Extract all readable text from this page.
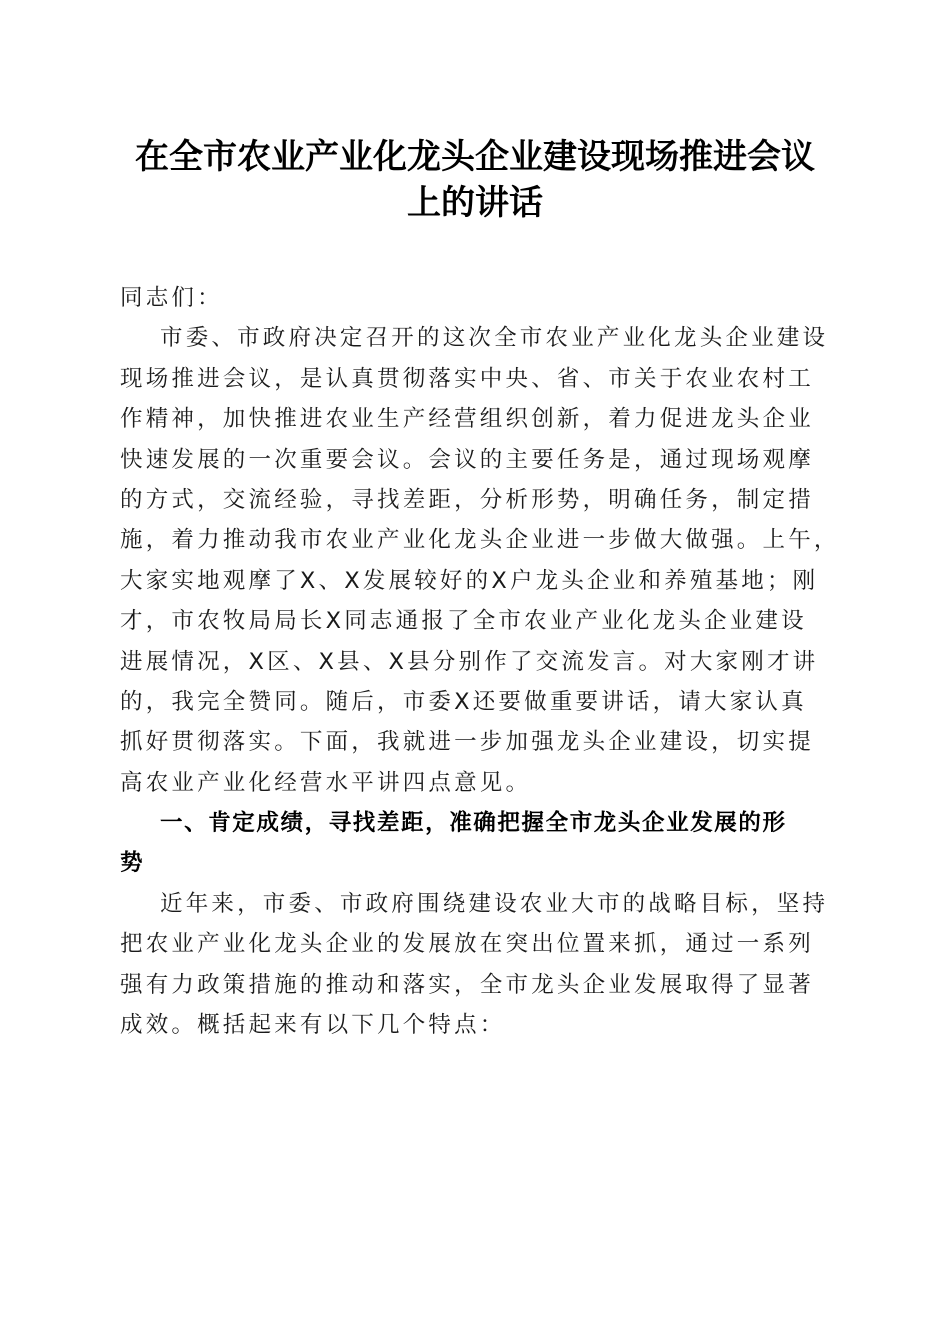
在全市农业产业化龙头企业建设现场推进会议
上的讲话
同志们：
市委、市政府决定召开的这次全市农业产业化龙头企业建设
现场推进会议，是认真贯彻落实中央、省、市关于农业农村工
作精神，加快推进农业生产经营组织创新，着力促进龙头企业
快速发展的一次重要会议。会议的主要任务是，通过现场观摩
的方式，交流经验，寻找差距，分析形势，明确任务，制定措
施，着力推动我市农业产业化龙头企业进一步做大做强。上午，
大家实地观摩了X、X发展较好的X户龙头企业和养殖基地；刚
才，市农牧局局长X同志通报了全市农业产业化龙头企业建设
进展情况，X区、X县、X县分别作了交流发言。对大家刚才讲
的，我完全赞同。随后，市委X还要做重要讲话，请大家认真
抓好贯彻落实。下面，我就进一步加强龙头企业建设，切实提
高农业产业化经营水平讲四点意见。
一、肯定成绩，寻找差距，准确把握全市龙头企业发展的形
势
近年来，市委、市政府围绕建设农业大市的战略目标，坚持
把农业产业化龙头企业的发展放在突出位置来抓，通过一系列
强有力政策措施的推动和落实，全市龙头企业发展取得了显著
成效。概括起来有以下几个特点：
